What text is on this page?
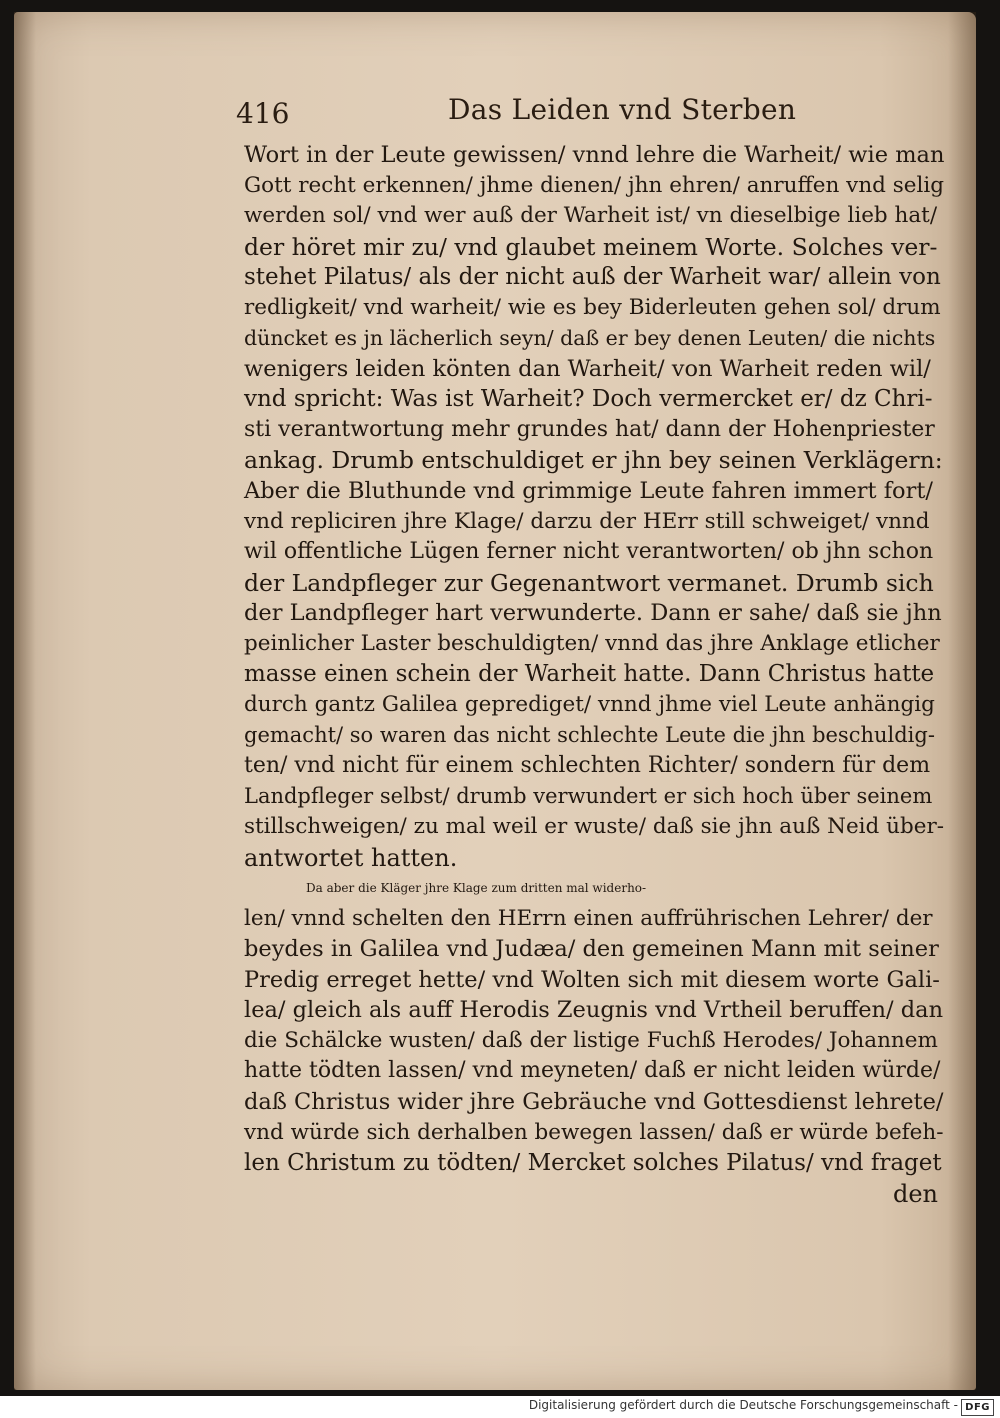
416	Das Leiden vnd Sterben
Wort in der Leute gewissen/ vnnd lehre die Warheit/ wie man
Gott recht erkennen/ jhme dienen/ jhn ehren/ anruffen vnd selig
werden sol/ vnd wer auß der Warheit ist/ vn dieselbige lieb hat/
der höret mir zu/ vnd glaubet meinem Worte. Solches ver-
stehet Pilatus/ als der nicht auß der Warheit war/ allein von
redligkeit/ vnd warheit/ wie es bey Biderleuten gehen sol/ drum
düncket es jn lächerlich seyn/ daß er bey denen Leuten/ die nichts
wenigers leiden könten dan Warheit/ von Warheit reden wil/
vnd spricht: Was ist Warheit? Doch vermercket er/ dz Chri-
sti verantwortung mehr grundes hat/ dann der Hohenpriester
ankag. Drumb entschuldiget er jhn bey seinen Verklägern:
Aber die Bluthunde vnd grimmige Leute fahren immert fort/
vnd repliciren jhre Klage/ darzu der HErr still schweiget/ vnnd
wil offentliche Lügen ferner nicht verantworten/ ob jhn schon
der Landpfleger zur Gegenantwort vermanet. Drumb sich
der Landpfleger hart verwunderte. Dann er sahe/ daß sie jhn
peinlicher Laster beschuldigten/ vnnd das jhre Anklage etlicher
masse einen schein der Warheit hatte. Dann Christus hatte
durch gantz Galilea geprediget/ vnnd jhme viel Leute anhängig
gemacht/ so waren das nicht schlechte Leute die jhn beschuldig-
ten/ vnd nicht für einem schlechten Richter/ sondern für dem
Landpfleger selbst/ drumb verwundert er sich hoch über seinem
stillschweigen/ zu mal weil er wuste/ daß sie jhn auß Neid über-
antwortet hatten.
Da aber die Kläger jhre Klage zum dritten mal widerho-
len/ vnnd schelten den HErrn einen auffrührischen Lehrer/ der
beydes in Galilea vnd Judæa/ den gemeinen Mann mit seiner
Predig erreget hette/ vnd Wolten sich mit diesem worte Gali-
lea/ gleich als auff Herodis Zeugnis vnd Vrtheil beruffen/ dan
die Schälcke wusten/ daß der listige Fuchß Herodes/ Johannem
hatte tödten lassen/ vnd meyneten/ daß er nicht leiden würde/
daß Christus wider jhre Gebräuche vnd Gottesdienst lehrete/
vnd würde sich derhalben bewegen lassen/ daß er würde befeh-
len Christum zu tödten/ Mercket solches Pilatus/ vnd fraget
den
Digitalisierung gefördert durch die Deutsche Forschungsgemeinschaft - DFG
